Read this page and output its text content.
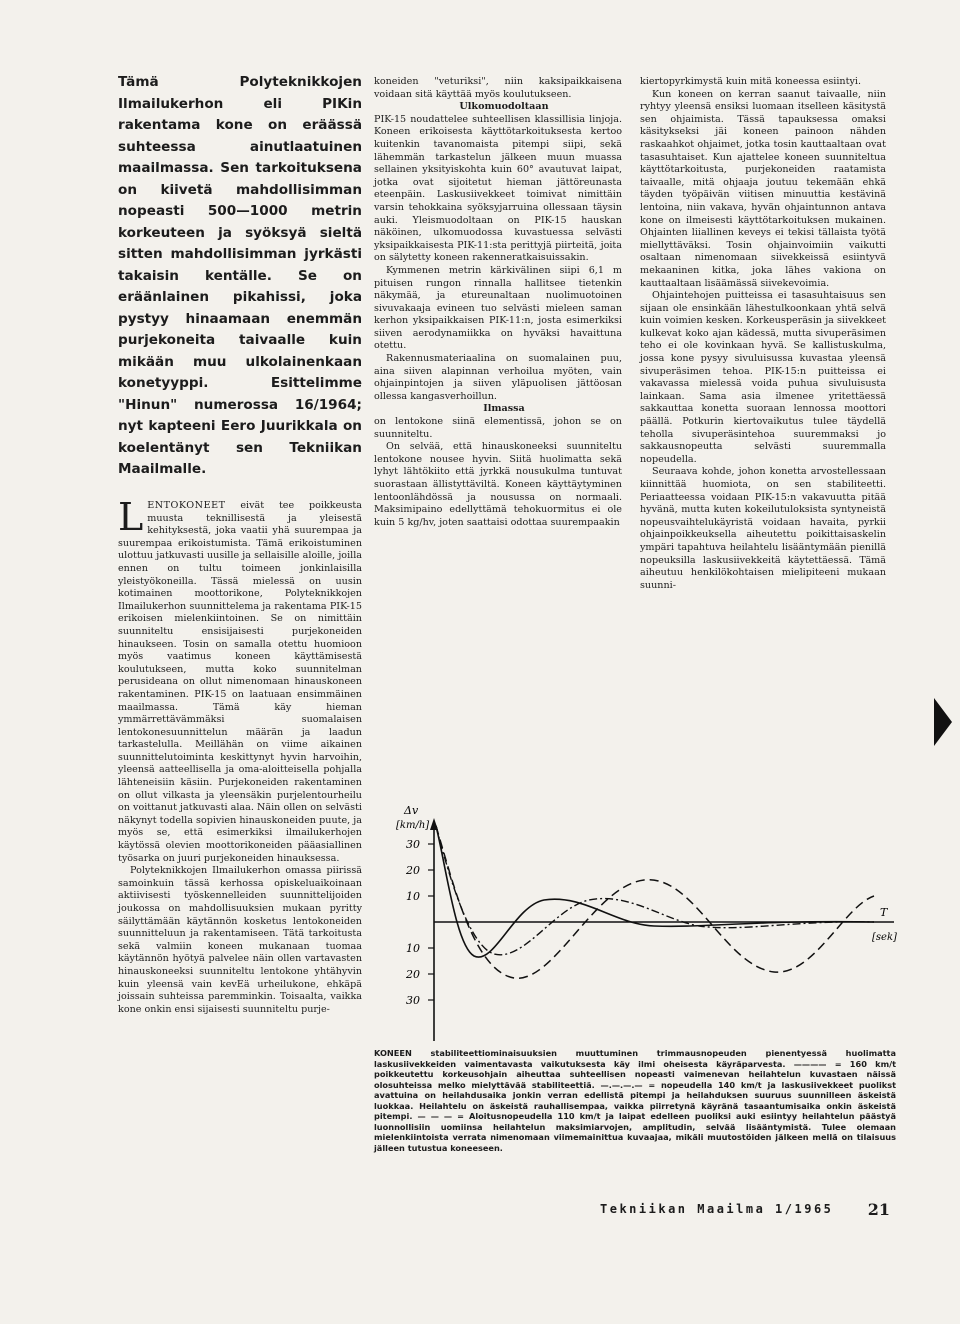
Tämä Polyteknikkojen Ilmailukerhon eli PIKin rakentama kone on eräässä suhteessa ainutlaatuinen maailmassa. Sen tarkoituksena on kiivetä mahdollisimman nopeasti 500—1000 metrin korkeuteen ja syöksyä sieltä sitten mahdollisimman jyrkästi takaisin kentälle. Se on eräänlainen pikahissi, joka pystyy hinaamaan enemmän purjekoneita taivaalle kuin mikään muu ulkolainenkaan konetyyppi. Esittelimme "Hinun" numerossa 16/1964; nyt kapteeni Eero Juurikkala on koelentänyt sen Tekniikan Maailmalle.

LENTOKONEET eivät tee poikkeusta muusta teknillisestä ja yleisestä kehityksestä, joka vaatii yhä suurempaa ja suurempaa erikoistumista. Tämä erikoistuminen ulottuu jatkuvasti uusille ja sellaisille aloille, joilla ennen on tultu toimeen jonkinlaisilla yleistyökoneilla. Tässä mielessä on uusin kotimainen moottorikone, Polyteknikkojen Ilmailukerhon suunnittelema ja rakentama PIK-15 erikoisen mielenkiintoinen. Se on nimittäin suunniteltu ensisijaisesti purjekoneiden hinaukseen. Tosin on samalla otettu huomioon myös vaatimus koneen käyttämisestä koulutukseen, mutta koko suunnitelman perusideana on ollut nimenomaan hinauskoneen rakentaminen. PIK-15 on laatuaan ensimmäinen maailmassa. Tämä käy hieman ymmärrettävämmäksi suomalaisen lentokonesuunnittelun määrän ja laadun tarkastelulla. Meillähän on viime aikainen suunnittelutoiminta keskittynyt hyvin harvoihin, yleensä aatteellisella ja oma-aloitteisella pohjalla lähteneisiin käsiin. Purjekoneiden rakentaminen on ollut vilkasta ja yleensäkin purjelentourheilu on voittanut jatkuvasti alaa. Näin ollen on selvästi näkynyt todella sopivien hinauskoneiden puute, ja myös se, että esimerkiksi ilmailukerhojen käytössä olevien moottorikoneiden pääasiallinen työsarka on juuri purjekoneiden hinauksessa.

Polyteknikkojen Ilmailukerhon omassa piirissä samoinkuin tässä kerhossa opiskeluaikoinaan aktiivisesti työskennelleiden suunnittelijoiden joukossa on mahdollisuuksien mukaan pyritty säilyttämään käytännön kosketus lentokoneiden suunnitteluun ja rakentamiseen. Tätä tarkoitusta sekä valmiin koneen mukanaan tuomaa käytännön hyötyä palvelee näin ollen vartavasten hinauskoneeksi suunniteltu lentokone yhtähyvin kuin yleensä vain kevEä urheilukone, ehkäpä joissain suhteissa paremminkin. Toisaalta, vaikka kone onkin ensi sijaisesti suunniteltu purje-

koneiden "veturiksi", niin kaksipaikkaisena voidaan sitä käyttää myös koulutukseen.

Ulkomuodoltaan

PIK-15 noudattelee suhteellisen klassillisia linjoja. Koneen erikoisesta käyttötarkoituksesta kertoo kuitenkin tavanomaista pitempi siipi, sekä lähemmän tarkastelun jälkeen muun muassa sellainen yksityiskohta kuin 60° avautuvat laipat, jotka ovat sijoitetut hieman jättöreunasta eteenpäin. Laskusiivekkeet toimivat nimittäin varsin tehokkaina syöksyjarruina ollessaan täysin auki. Yleismuodoltaan on PIK-15 hauskan näköinen, ulkomuodossa kuvastuessa selvästi yksipaikkaisesta PIK-11:sta perittyjä piirteitä, joita on sälytetty koneen rakenneratkaisuissakin.

Kymmenen metrin kärkivälinen siipi 6,1 m pituisen rungon rinnalla hallitsee tietenkin näkymää, ja etureunaltaan nuolimuotoinen sivuvakaaja evineen tuo selvästi mieleen saman kerhon yksipaikkaisen PIK-11:n, josta esimerkiksi siiven aerodynamiikka on hyväksi havaittuna otettu.

Rakennusmateriaalina on suomalainen puu, aina siiven alapinnan verhoilua myöten, vain ohjainpintojen ja siiven yläpuolisen jättöosan ollessa kangasverhoillun.

Ilmassa

on lentokone siinä elementissä, johon se on suunniteltu.

On selvää, että hinauskoneeksi suunniteltu lentokone nousee hyvin. Siitä huolimatta sekä lyhyt lähtökiito että jyrkkä nousukulma tuntuvat suorastaan ällistyttäviltä. Koneen käyttäytyminen lentoonlähdössä ja nousussa on normaali. Maksimipaino edellyttämä tehokuormitus ei ole kuin 5 kg/hv, joten saattaisi odottaa suurempaakin

kiertopyrkimystä kuin mitä koneessa esiintyi.

Kun koneen on kerran saanut taivaalle, niin ryhtyy yleensä ensiksi luomaan itselleen käsitystä sen ohjaimista. Tässä tapauksessa omaksi käsitykseksi jäi koneen painoon nähden raskaahkot ohjaimet, jotka tosin kauttaaltaan ovat tasasuhtaiset. Kun ajattelee koneen suunniteltua käyttötarkoitusta, purjekoneiden raatamista taivaalle, mitä ohjaaja joutuu tekemään ehkä täyden työpäivän viitisen minuuttia kestävinä lentoina, niin vakava, hyvän ohjaintunnon antava kone on ilmeisesti käyttötarkoituksen mukainen. Ohjainten liiallinen keveys ei tekisi tällaista työtä miellyttäväksi. Tosin ohjainvoimiin vaikutti osaltaan nimenomaan siivekkeissä esiintyvä mekaaninen kitka, joka lähes vakiona on kauttaaltaan lisäämässä siivekevoimia.

Ohjaintehojen puitteissa ei tasasuhtaisuus sen sijaan ole ensinkään lähestulkoonkaan yhtä selvä kuin voimien kesken. Korkeusperäsin ja siivekkeet kulkevat koko ajan kädessä, mutta sivuperäsimen teho ei ole kovinkaan hyvä. Se kallistuskulma, jossa kone pysyy sivuluisussa kuvastaa yleensä sivuperäsimen tehoa. PIK-15:n puitteissa ei vakavassa mielessä voida puhua sivuluisusta lainkaan. Sama asia ilmenee yritettäessä sakkauttaa konetta suoraan lennossa moottori päällä. Potkurin kiertovaikutus tulee täydellä teholla sivuperäsintehoa suuremmaksi jo sakkausnopeutta selvästi suuremmalla nopeudella.

Seuraava kohde, johon konetta arvostellessaan kiinnittää huomiota, on sen stabiliteetti. Periaatteessa voidaan PIK-15:n vakavuutta pitää hyvänä, mutta kuten kokeilutuloksista syntyneistä nopeusvaihtelukäyristä voidaan havaita, pyrkii ohjainpoikkeuksella aiheutettu poikittaisaskelin ympäri tapahtuva heilahtelu lisääntymään pienillä nopeuksilla laskusiivekkeitä käytettäessä. Tämä aiheutuu henkilökohtaisen mielipiteeni mukaan suunni-

Δv
[km/h]
30
20
10
10
20
30
T
[sek]
KONEEN stabiliteettiominaisuuksien muuttuminen trimmausnopeuden pienentyessä huolimatta laskusiivekkeiden vaimentavasta vaikutuksesta käy ilmi oheisesta käyräparvesta. ———— = 160 km/t poikkeutettu korkeusohjain aiheuttaa suhteellisen nopeasti vaimenevan heilahtelun kuvastaen näissä olosuhteissa melko mielyttävää stabiliteettiä. —.—.—.— = nopeudella 140 km/t ja laskusiivekkeet puolikst avattuina on heilahdusaika jonkin verran edellistä pitempi ja heilahduksen suuruus suunnilleen äskeistä luokkaa. Heilahtelu on äskeistä rauhallisempaa, vaikka piirretynä käyränä tasaantumisaika onkin äskeistä pitempi. — — — = Aloitusnopeudella 110 km/t ja laipat edelleen puoliksi auki esiintyy heilahtelun päästyä luonnollisiin uomiinsa heilahtelun maksimiarvojen, amplitudin, selvää lisääntymistä. Tulee olemaan mielenkiintoista verrata nimenomaan viimemainittua kuvaajaa, mikäli muutostöiden jälkeen mellä on tilaisuus jälleen tutustua koneeseen.
Tekniikan Maailma 1/1965 21
